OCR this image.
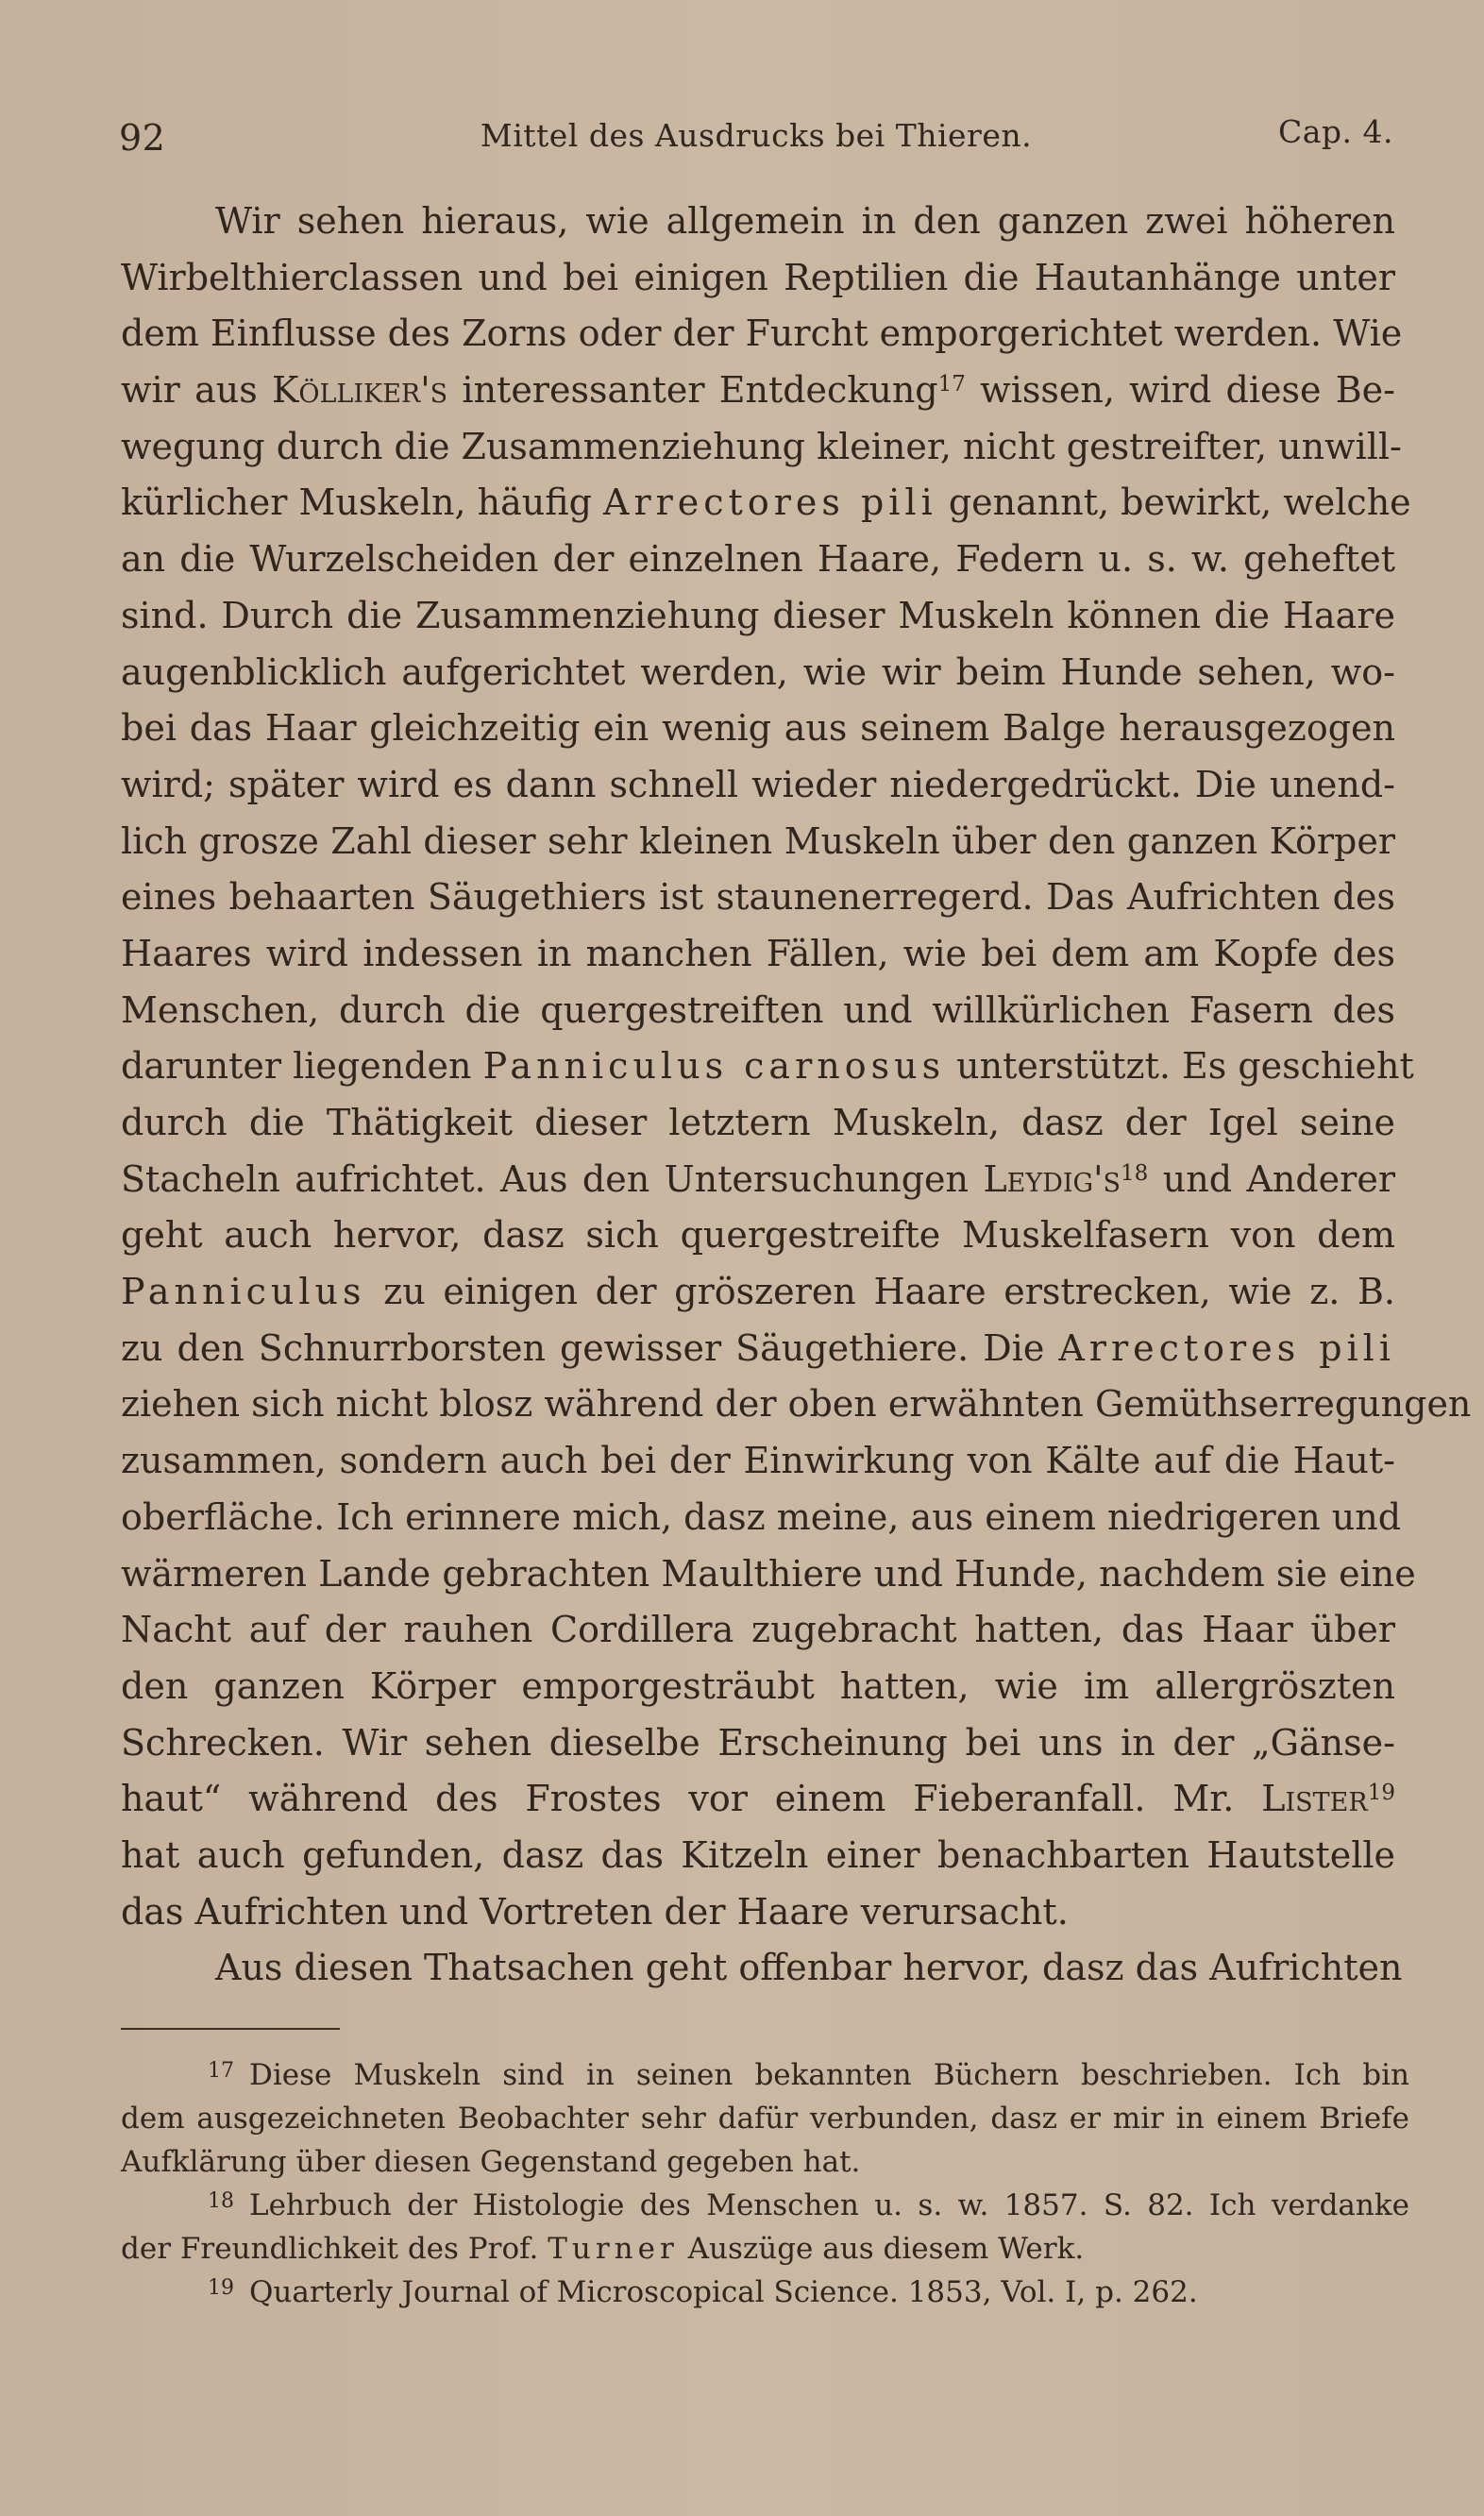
92	Mittel des Ausdrucks bei Thieren.	Cap. 4.
Wir sehen hieraus, wie allgemein in den ganzen zwei höheren
Wirbelthierclassen und bei einigen Reptilien die Hautanhänge unter
dem Einflusse des Zorns oder der Furcht emporgerichtet werden. Wie
wir aus Kölliker's interessanter Entdeckung$^{17}$ wissen, wird diese Be-
wegung durch die Zusammenziehung kleiner, nicht gestreifter, unwill-
kürlicher Muskeln, häufig Arrectores pili genannt, bewirkt, welche
an die Wurzelscheiden der einzelnen Haare, Federn u. s. w. geheftet
sind. Durch die Zusammenziehung dieser Muskeln können die Haare
augenblicklich aufgerichtet werden, wie wir beim Hunde sehen, wo-
bei das Haar gleichzeitig ein wenig aus seinem Balge herausgezogen
wird; später wird es dann schnell wieder niedergedrückt. Die unend-
lich grosze Zahl dieser sehr kleinen Muskeln über den ganzen Körper
eines behaarten Säugethiers ist staunenerregerd. Das Aufrichten des
Haares wird indessen in manchen Fällen, wie bei dem am Kopfe des
Menschen, durch die quergestreiften und willkürlichen Fasern des
darunter liegenden Panniculus carnosus unterstützt. Es geschieht
durch die Thätigkeit dieser letztern Muskeln, dasz der Igel seine
Stacheln aufrichtet. Aus den Untersuchungen $Leydig's^{18}$ und Anderer
geht auch hervor, dasz sich quergestreifte Muskelfasern von dem
Panniculus zu einigen der gröszeren Haare erstrecken, wie z. B.
zu den Schnurrborsten gewisser Säugethiere. Die Arrectores pili
ziehen sich nicht blosz während der oben erwähnten Gemüthserregungen
zusammen, sondern auch bei der Einwirkung von Kälte auf die Haut-
oberfläche. Ich erinnere mich, dasz meine, aus einem niedrigeren und
wärmeren Lande gebrachten Maulthiere und Hunde, nachdem sie eine
Nacht auf der rauhen Cordillera zugebracht hatten, das Haar über
den ganzen Körper emporgesträubt hatten, wie im allergröszten
Schrecken. Wir sehen dieselbe Erscheinung bei uns in der „Gänse-
haut“ während des Frostes vor einem Fieberanfall. Mr. Lister$^{19}$
hat auch gefunden, dasz das Kitzeln einer benachbarten Hautstelle
das Aufrichten und Vortreten der Haare verursacht.
Aus diesen Thatsachen geht offenbar hervor, dasz das Aufrichten
17 Diese Muskeln sind in seinen bekannten Büchern beschrieben. Ich bin
dem ausgezeichneten Beobachter sehr dafür verbunden, dasz er mir in einem Briefe
Aufklärung über diesen Gegenstand gegeben hat.
18 Lehrbuch der Histologie des Menschen u. s. w. 1857. S. 82. Ich verdanke
der Freundlichkeit des Prof. Turner Auszüge aus diesem Werk.
19 Quarterly Journal of Microscopical Science. 1853, Vol. I, p. 262.
